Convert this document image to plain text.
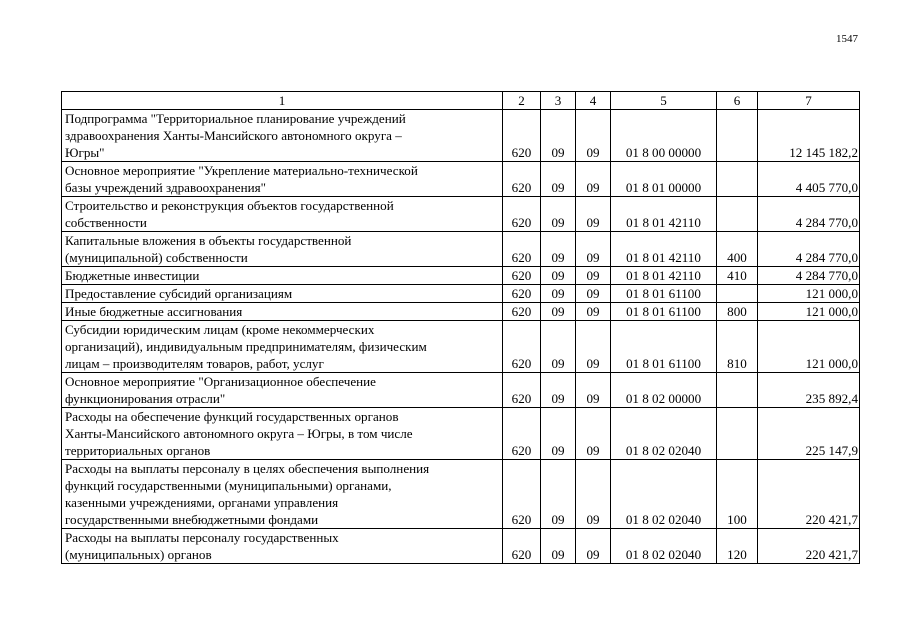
1547
1	2	3	4	5	6	7

Подпрограмма "Территориальное планирование учреждений
здравоохранения Ханты-Мансийского автономного округа –
Югры"	620	09	09	01 8 00 00000		12 145 182,2

Основное мероприятие "Укрепление материально-технической
базы учреждений здравоохранения"	620	09	09	01 8 01 00000		4 405 770,0

Строительство и реконструкция объектов государственной
собственности	620	09	09	01 8 01 42110		4 284 770,0

Капитальные вложения в объекты государственной
(муниципальной) собственности	620	09	09	01 8 01 42110	400	4 284 770,0

Бюджетные инвестиции	620	09	09	01 8 01 42110	410	4 284 770,0

Предоставление субсидий организациям	620	09	09	01 8 01 61100		121 000,0

Иные бюджетные ассигнования	620	09	09	01 8 01 61100	800	121 000,0

Субсидии юридическим лицам (кроме некоммерческих
организаций), индивидуальным предпринимателям, физическим
лицам – производителям товаров, работ, услуг	620	09	09	01 8 01 61100	810	121 000,0

Основное мероприятие "Организационное обеспечение
функционирования отрасли"	620	09	09	01 8 02 00000		235 892,4

Расходы на обеспечение функций государственных органов
Ханты-Мансийского автономного округа – Югры, в том числе
территориальных органов	620	09	09	01 8 02 02040		225 147,9

Расходы на выплаты персоналу в целях обеспечения выполнения
функций государственными (муниципальными) органами,
казенными учреждениями, органами управления
государственными внебюджетными фондами	620	09	09	01 8 02 02040	100	220 421,7

Расходы на выплаты персоналу государственных
(муниципальных) органов	620	09	09	01 8 02 02040	120	220 421,7
